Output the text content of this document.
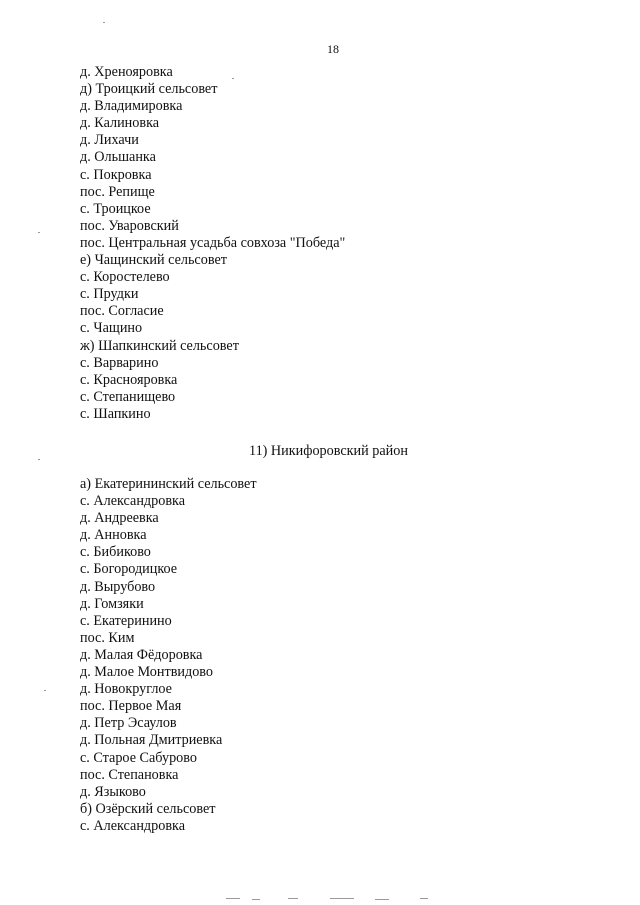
18
д. Хренояровка
д) Троицкий сельсовет
д. Владимировка
д. Калиновка
д. Лихачи
д. Ольшанка
с. Покровка
пос. Репище
с. Троицкое
пос. Уваровский
пос. Центральная усадьба совхоза "Победа"
е) Чащинский сельсовет
с. Коростелево
с. Прудки
пос. Согласие
с. Чащино
ж) Шапкинский сельсовет
с. Варварино
с. Краснояровка
с. Степанищево
с. Шапкино
11) Никифоровский район
а) Екатерининский сельсовет
с. Александровка
д. Андреевка
д. Анновка
с. Бибиково
с. Богородицкое
д. Вырубово
д. Гомзяки
с. Екатеринино
пос. Ким
д. Малая Фёдоровка
д. Малое Монтвидово
д. Новокруглое
пос. Первое Мая
д. Петр Эсаулов
д. Польная Дмитриевка
с. Старое Сабурово
пос. Степановка
д. Языково
б) Озёрский сельсовет
с. Александровка
